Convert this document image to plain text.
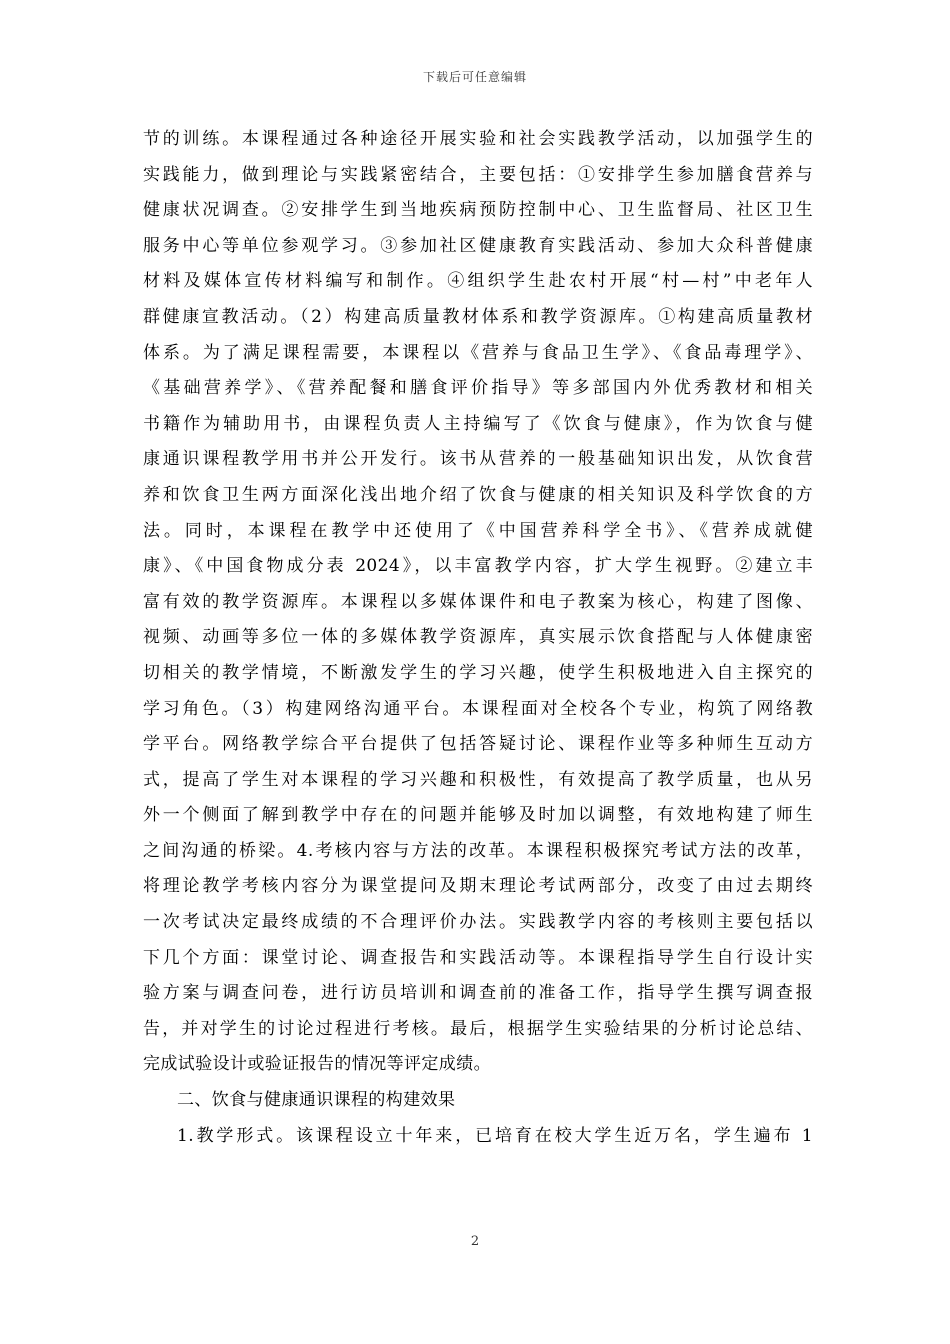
下载后可任意编辑
节的训练。本课程通过各种途径开展实验和社会实践教学活动，以加强学生的
实践能力，做到理论与实践紧密结合，主要包括：①安排学生参加膳食营养与
健康状况调查。②安排学生到当地疾病预防控制中心、卫生监督局、社区卫生
服务中心等单位参观学习。③参加社区健康教育实践活动、参加大众科普健康
材料及媒体宣传材料编写和制作。④组织学生赴农村开展“村—村”中老年人
群健康宣教活动。（2）构建高质量教材体系和教学资源库。①构建高质量教材
体系。为了满足课程需要，本课程以《营养与食品卫生学》、《食品毒理学》、
《基础营养学》、《营养配餐和膳食评价指导》等多部国内外优秀教材和相关
书籍作为辅助用书，由课程负责人主持编写了《饮食与健康》，作为饮食与健
康通识课程教学用书并公开发行。该书从营养的一般基础知识出发，从饮食营
养和饮食卫生两方面深化浅出地介绍了饮食与健康的相关知识及科学饮食的方
法。同时，本课程在教学中还使用了《中国营养科学全书》、《营养成就健
康》、《中国食物成分表 2024》，以丰富教学内容，扩大学生视野。②建立丰
富有效的教学资源库。本课程以多媒体课件和电子教案为核心，构建了图像、
视频、动画等多位一体的多媒体教学资源库，真实展示饮食搭配与人体健康密
切相关的教学情境，不断激发学生的学习兴趣，使学生积极地进入自主探究的
学习角色。（3）构建网络沟通平台。本课程面对全校各个专业，构筑了网络教
学平台。网络教学综合平台提供了包括答疑讨论、课程作业等多种师生互动方
式，提高了学生对本课程的学习兴趣和积极性，有效提高了教学质量，也从另
外一个侧面了解到教学中存在的问题并能够及时加以调整，有效地构建了师生
之间沟通的桥梁。4.考核内容与方法的改革。本课程积极探究考试方法的改革，
将理论教学考核内容分为课堂提问及期末理论考试两部分，改变了由过去期终
一次考试决定最终成绩的不合理评价办法。实践教学内容的考核则主要包括以
下几个方面：课堂讨论、调查报告和实践活动等。本课程指导学生自行设计实
验方案与调查问卷，进行访员培训和调查前的准备工作，指导学生撰写调查报
告，并对学生的讨论过程进行考核。最后，根据学生实验结果的分析讨论总结、
完成试验设计或验证报告的情况等评定成绩。
二、饮食与健康通识课程的构建效果
1.教学形式。该课程设立十年来，已培育在校大学生近万名，学生遍布 1
2
